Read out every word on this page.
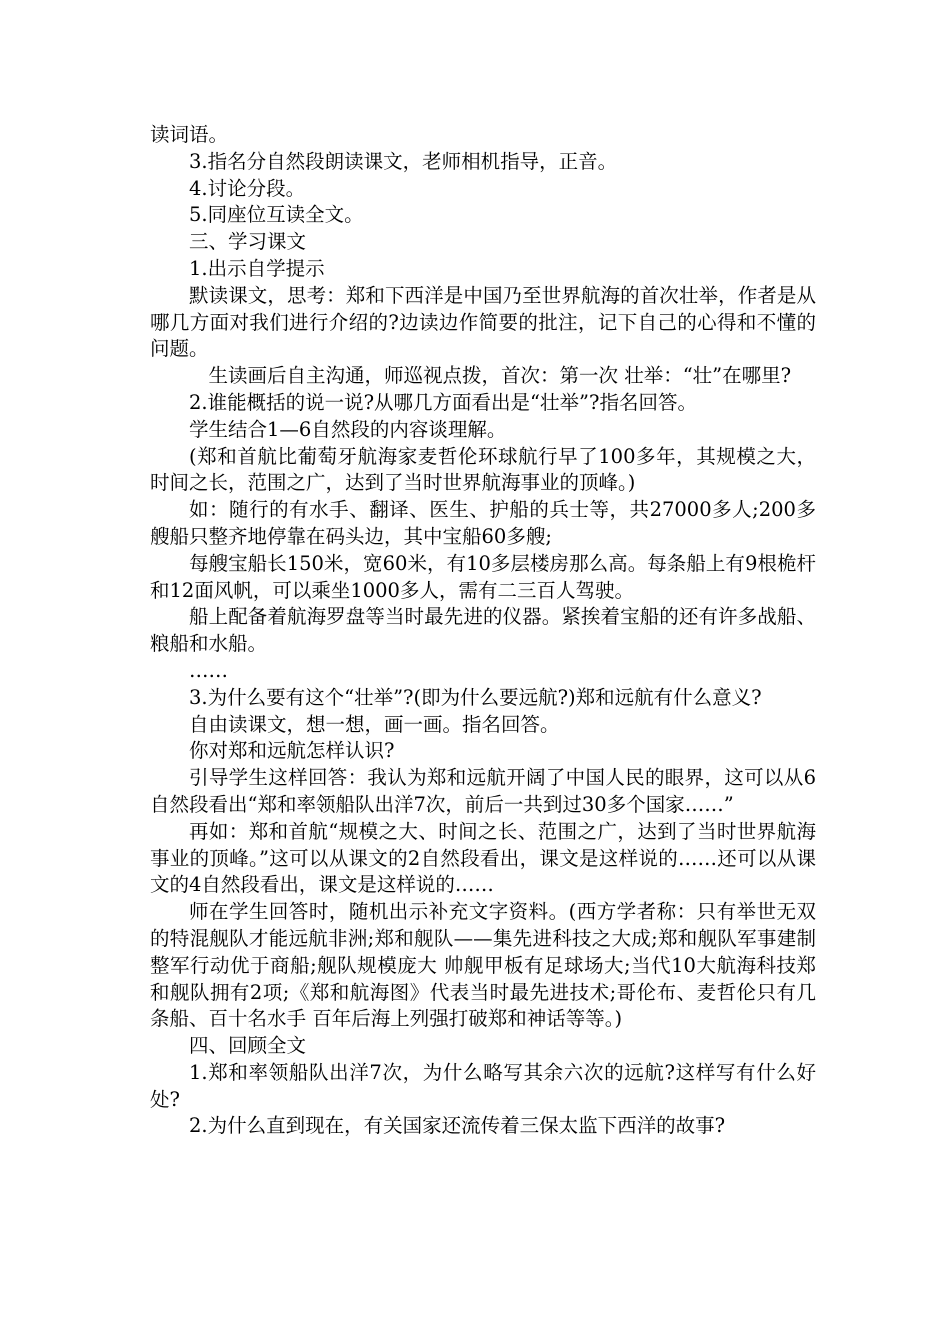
读词语。

3.指名分自然段朗读课文，老师相机指导，正音。

4.讨论分段。

5.同座位互读全文。

三、学习课文

1.出示自学提示

默读课文，思考：郑和下西洋是中国乃至世界航海的首次壮举，作者是从哪几方面对我们进行介绍的?边读边作简要的批注，记下自己的心得和不懂的问题。

生读画后自主沟通，师巡视点拨，首次：第一次 壮举：“壮”在哪里?

2.谁能概括的说一说?从哪几方面看出是“壮举”?指名回答。

学生结合1—6自然段的内容谈理解。

(郑和首航比葡萄牙航海家麦哲伦环球航行早了100多年，其规模之大，时间之长，范围之广，达到了当时世界航海事业的顶峰。)

如：随行的有水手、翻译、医生、护船的兵士等，共27000多人;200多艘船只整齐地停靠在码头边，其中宝船60多艘;

每艘宝船长150米，宽60米，有10多层楼房那么高。每条船上有9根桅杆和12面风帆，可以乘坐1000多人，需有二三百人驾驶。

船上配备着航海罗盘等当时最先进的仪器。紧挨着宝船的还有许多战船、粮船和水船。

……

3.为什么要有这个“壮举”?(即为什么要远航?)郑和远航有什么意义?

自由读课文，想一想，画一画。指名回答。

你对郑和远航怎样认识?

引导学生这样回答：我认为郑和远航开阔了中国人民的眼界，这可以从6自然段看出“郑和率领船队出洋7次，前后一共到过30多个国家……”

再如：郑和首航“规模之大、时间之长、范围之广，达到了当时世界航海事业的顶峰。”这可以从课文的2自然段看出，课文是这样说的……还可以从课文的4自然段看出，课文是这样说的……

师在学生回答时，随机出示补充文字资料。(西方学者称：只有举世无双的特混舰队才能远航非洲;郑和舰队——集先进科技之大成;郑和舰队军事建制 整军行动优于商船;舰队规模庞大 帅舰甲板有足球场大;当代10大航海科技郑和舰队拥有2项;《郑和航海图》代表当时最先进技术;哥伦布、麦哲伦只有几条船、百十名水手 百年后海上列强打破郑和神话等等。)

四、回顾全文

1.郑和率领船队出洋7次，为什么略写其余六次的远航?这样写有什么好处?

2.为什么直到现在，有关国家还流传着三保太监下西洋的故事?
